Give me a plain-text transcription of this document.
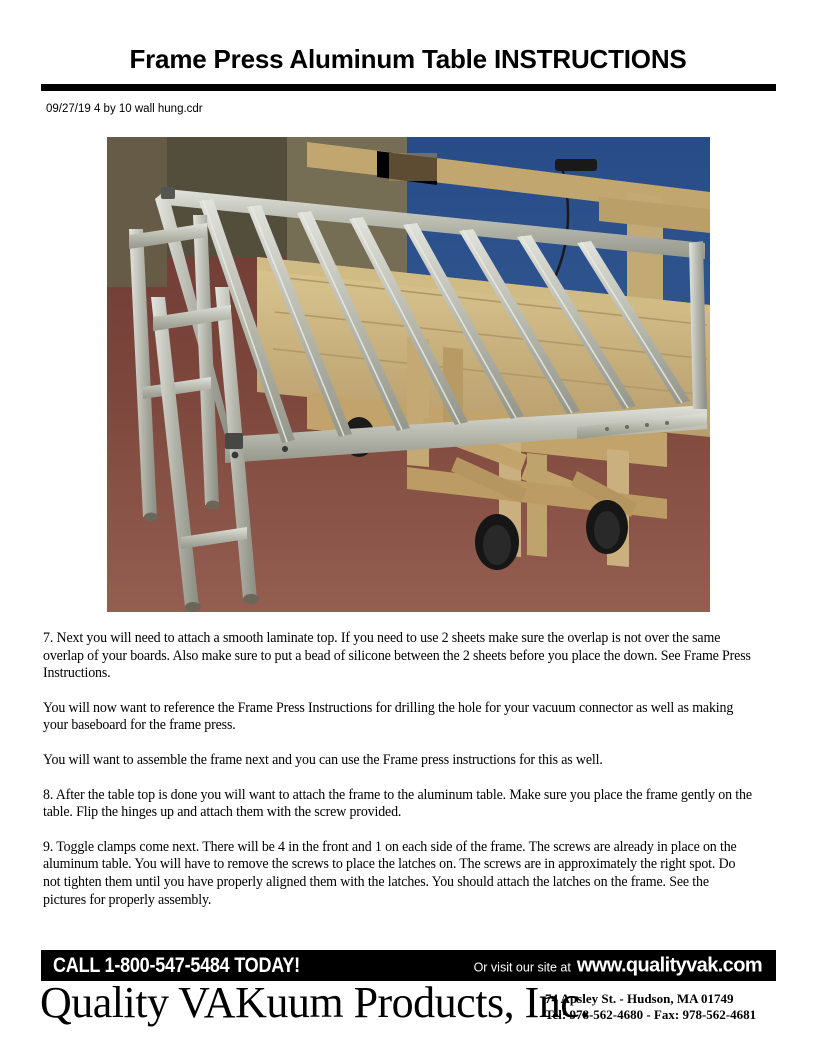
Frame Press Aluminum Table INSTRUCTIONS
09/27/19 4 by 10 wall hung.cdr

7. Next you will need to attach a smooth laminate top. If you need to use 2 sheets make sure the overlap is not over the same overlap of your boards. Also make sure to put a bead of silicone between the 2 sheets before you place the down. See Frame Press Instructions.

You will now want to reference the Frame Press Instructions for drilling the hole for your vacuum connector as well as making your baseboard for the frame press.

You will want to assemble the frame next and you can use the Frame press instructions for this as well.

8. After the table top is done you will want to attach the frame to the aluminum table. Make sure you place the frame gently on the table. Flip the hinges up and attach them with the screw provided.

9. Toggle clamps come next. There will be 4 in the front and 1 on each side of the frame. The screws are already in place on the aluminum table. You will have to remove the screws to place the latches on. The screws are in approximately the right spot. Do not tighten them until you have properly aligned them with the latches. You should attach the latches on the frame. See the pictures for properly assembly.

CALL 1-800-547-5484 TODAY!	Or visit our site at www.qualityvak.com
Quality VAKuum Products, Inc.
74 Apsley St. - Hudson, MA 01749
Tel: 978-562-4680 - Fax: 978-562-4681
